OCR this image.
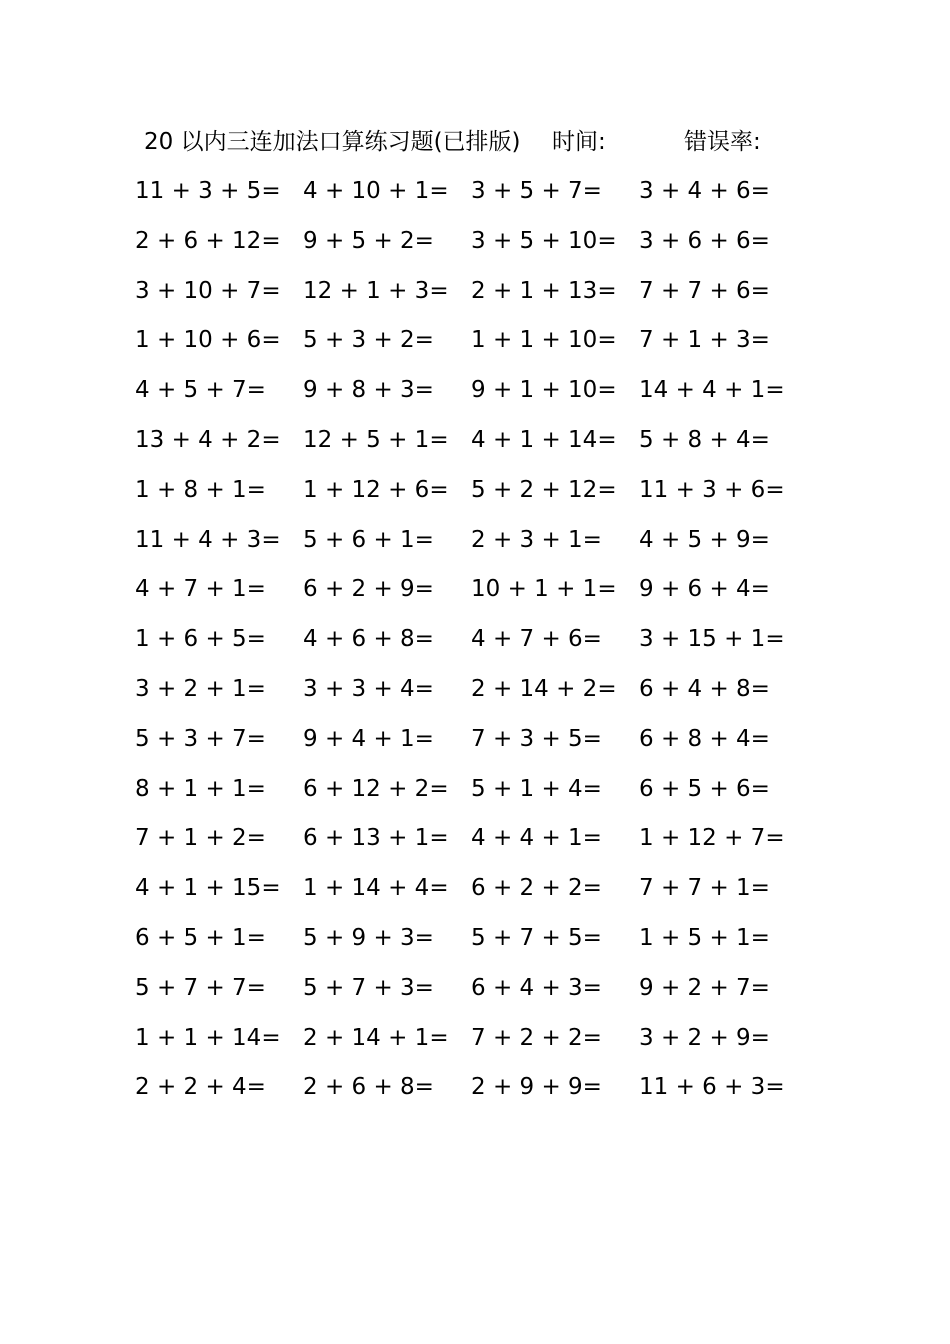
20 以内三连加法口算练习题(已排版) 时间:	错误率:
11 + 3 + 5= 4 + 10 + 1= 3 + 5 + 7= 3 + 4 + 6=
2 + 6 + 12= 9 + 5 + 2= 3 + 5 + 10= 3 + 6 + 6=
3 + 10 + 7= 12 + 1 + 3= 2 + 1 + 13= 7 + 7 + 6=
1 + 10 + 6= 5 + 3 + 2= 1 + 1 + 10= 7 + 1 + 3=
4 + 5 + 7= 9 + 8 + 3= 9 + 1 + 10= 14 + 4 + 1=
13 + 4 + 2= 12 + 5 + 1= 4 + 1 + 14= 5 + 8 + 4=
1 + 8 + 1= 1 + 12 + 6= 5 + 2 + 12= 11 + 3 + 6=
11 + 4 + 3= 5 + 6 + 1= 2 + 3 + 1= 4 + 5 + 9=
4 + 7 + 1= 6 + 2 + 9= 10 + 1 + 1= 9 + 6 + 4=
1 + 6 + 5= 4 + 6 + 8= 4 + 7 + 6= 3 + 15 + 1=
3 + 2 + 1= 3 + 3 + 4= 2 + 14 + 2= 6 + 4 + 8=
5 + 3 + 7= 9 + 4 + 1= 7 + 3 + 5= 6 + 8 + 4=
8 + 1 + 1= 6 + 12 + 2= 5 + 1 + 4= 6 + 5 + 6=
7 + 1 + 2= 6 + 13 + 1= 4 + 4 + 1= 1 + 12 + 7=
4 + 1 + 15= 1 + 14 + 4= 6 + 2 + 2= 7 + 7 + 1=
6 + 5 + 1= 5 + 9 + 3= 5 + 7 + 5= 1 + 5 + 1=
5 + 7 + 7= 5 + 7 + 3= 6 + 4 + 3= 9 + 2 + 7=
1 + 1 + 14= 2 + 14 + 1= 7 + 2 + 2= 3 + 2 + 9=
2 + 2 + 4= 2 + 6 + 8= 2 + 9 + 9= 11 + 6 + 3=
